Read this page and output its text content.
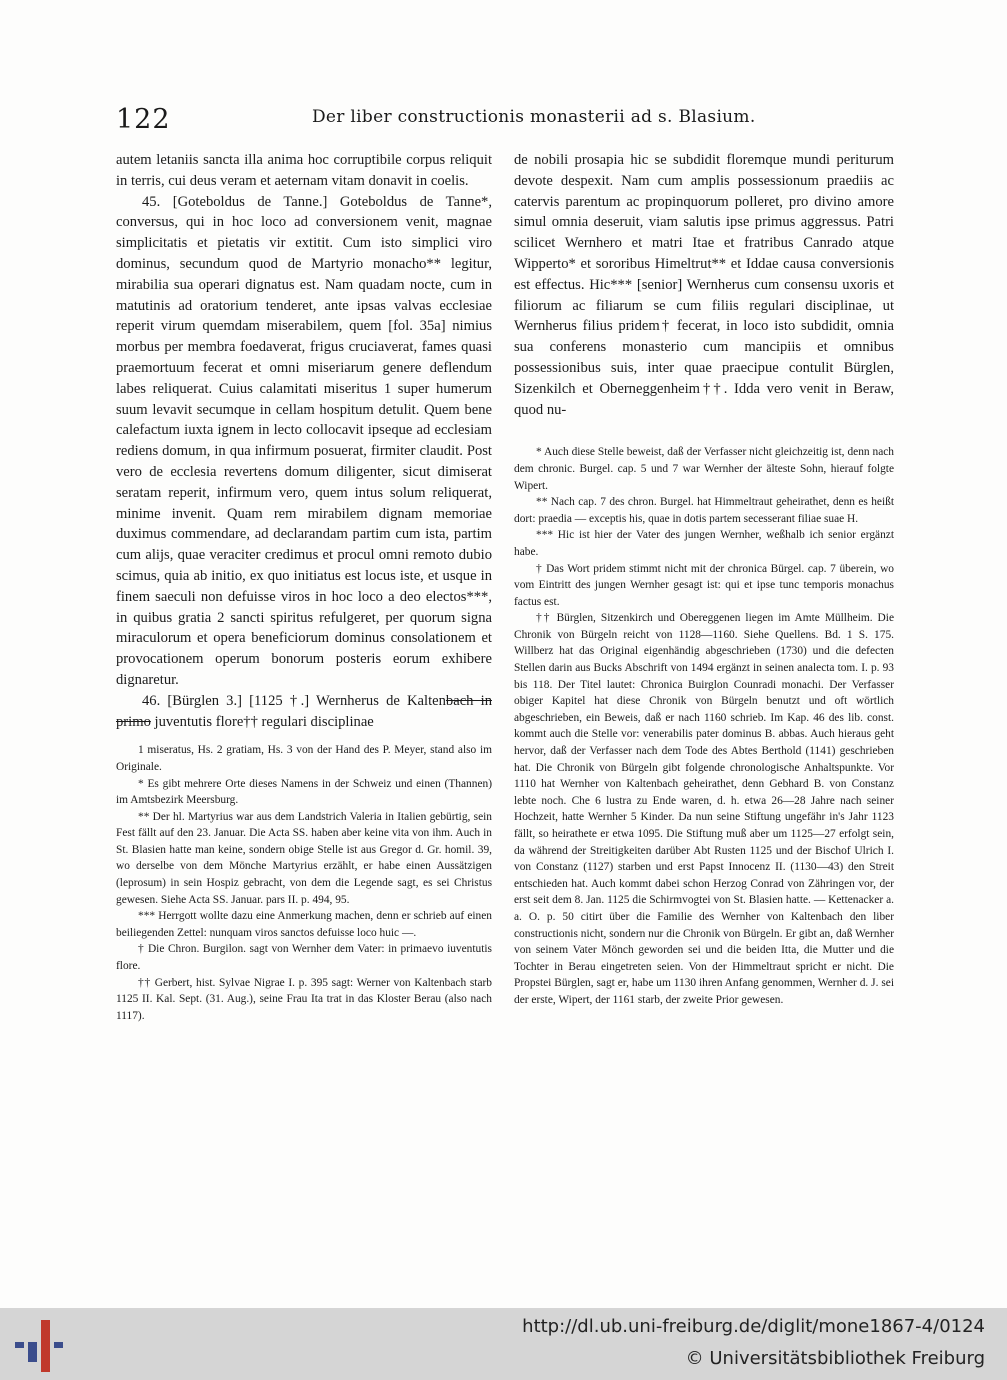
122	Der liber constructionis monasterii ad s. Blasium.

autem letaniis sancta illa anima hoc corruptibile corpus reliquit in terris, cui deus veram et aeternam vitam donavit in coelis.

45. [Goteboldus de Tanne.] Goteboldus de Tanne*, conversus, qui in hoc loco ad conversionem venit, magnae simplicitatis et pietatis vir extitit. Cum isto simplici viro dominus, secundum quod de Martyrio monacho** legitur, mirabilia sua operari dignatus est. Nam quadam nocte, cum in matutinis ad oratorium tenderet, ante ipsas valvas ecclesiae reperit virum quemdam miserabilem, quem [fol. 35a] nimius morbus per membra foedaverat, frigus cruciaverat, fames quasi praemortuum fecerat et omni miseriarum genere deflendum labes reliquerat. Cuius calamitati miseritus 1 super humerum suum levavit secumque in cellam hospitum detulit. Quem bene calefactum iuxta ignem in lecto collocavit ipseque ad ecclesiam rediens domum, in qua infirmum posuerat, firmiter claudit. Post vero de ecclesia revertens domum diligenter, sicut dimiserat seratam reperit, infirmum vero, quem intus solum reliquerat, minime invenit. Quam rem mirabilem dignam memoriae duximus commendare, ad declarandam partim cum ista, partim cum alijs, quae veraciter credimus et procul omni remoto dubio scimus, quia ab initio, ex quo initiatus est locus iste, et usque in finem saeculi non defuisse viros in hoc loco a deo electos***, in quibus gratia 2 sancti spiritus refulgeret, per quorum signa miraculorum et opera beneficiorum dominus consolationem et provocationem operum bonorum posteris eorum exhibere dignaretur.

46. [Bürglen 3.] [1125 †.] Wernherus de Kaltenbach in primo juventutis flore†† regulari disciplinae

1 miseratus, Hs. 2 gratiam, Hs. 3 von der Hand des P. Meyer, stand also im Originale.

* Es gibt mehrere Orte dieses Namens in der Schweiz und einen (Thannen) im Amtsbezirk Meersburg.

** Der hl. Martyrius war aus dem Landstrich Valeria in Italien gebürtig, sein Fest fällt auf den 23. Januar. Die Acta SS. haben aber keine vita von ihm. Auch in St. Blasien hatte man keine, sondern obige Stelle ist aus Gregor d. Gr. homil. 39, wo derselbe von dem Mönche Martyrius erzählt, er habe einen Aussätzigen (leprosum) in sein Hospiz gebracht, von dem die Legende sagt, es sei Christus gewesen. Siehe Acta SS. Januar. pars II. p. 494, 95.

*** Herrgott wollte dazu eine Anmerkung machen, denn er schrieb auf einen beiliegenden Zettel: nunquam viros sanctos defuisse loco huic —.

† Die Chron. Burgilon. sagt von Wernher dem Vater: in primaevo iuventutis flore.

†† Gerbert, hist. Sylvae Nigrae I. p. 395 sagt: Werner von Kaltenbach starb 1125 II. Kal. Sept. (31. Aug.), seine Frau Ita trat in das Kloster Berau (also nach 1117).

de nobili prosapia hic se subdidit floremque mundi periturum devote despexit. Nam cum amplis possessionum praediis ac catervis parentum ac propinquorum polleret, pro divino amore simul omnia deseruit, viam salutis ipse primus aggressus. Patri scilicet Wernhero et matri Itae et fratribus Canrado atque Wipperto* et sororibus Himeltrut** et Iddae causa conversionis est effectus. Hic*** [senior] Wernherus cum consensu uxoris et filiorum ac filiarum se cum filiis regulari disciplinae, ut Wernherus filius pridem† fecerat, in loco isto subdidit, omnia sua conferens monasterio cum mancipiis et omnibus possessionibus suis, inter quae praecipue contulit Bürglen, Sizenkilch et Oberneggenheim††. Idda vero venit in Beraw, quod nu-

* Auch diese Stelle beweist, daß der Verfasser nicht gleichzeitig ist, denn nach dem chronic. Burgel. cap. 5 und 7 war Wernher der älteste Sohn, hierauf folgte Wipert.

** Nach cap. 7 des chron. Burgel. hat Himmeltraut geheirathet, denn es heißt dort: praedia — exceptis his, quae in dotis partem secesserant filiae suae H.

*** Hic ist hier der Vater des jungen Wernher, weßhalb ich senior ergänzt habe.

† Das Wort pridem stimmt nicht mit der chronica Bürgel. cap. 7 überein, wo vom Eintritt des jungen Wernher gesagt ist: qui et ipse tunc temporis monachus factus est.

†† Bürglen, Sitzenkirch und Obereggenen liegen im Amte Müllheim. Die Chronik von Bürgeln reicht von 1128—1160. Siehe Quellens. Bd. 1 S. 175. Willberz hat das Original eigenhändig abgeschrieben (1730) und die defecten Stellen darin aus Bucks Abschrift von 1494 ergänzt in seinen analecta tom. I. p. 93 bis 118. Der Titel lautet: Chronica Buirglon Counradi monachi. Der Verfasser obiger Kapitel hat diese Chronik von Bürgeln benutzt und oft wörtlich abgeschrieben, ein Beweis, daß er nach 1160 schrieb. Im Kap. 46 des lib. const. kommt auch die Stelle vor: venerabilis pater dominus B. abbas. Auch hieraus geht hervor, daß der Verfasser nach dem Tode des Abtes Berthold (1141) geschrieben hat. Die Chronik von Bürgeln gibt folgende chronologische Anhaltspunkte. Vor 1110 hat Wernher von Kaltenbach geheirathet, denn Gebhard B. von Constanz lebte noch. Che 6 lustra zu Ende waren, d. h. etwa 26—28 Jahre nach seiner Hochzeit, hatte Wernher 5 Kinder. Da nun seine Stiftung ungefähr in's Jahr 1123 fällt, so heirathete er etwa 1095. Die Stiftung muß aber um 1125—27 erfolgt sein, da während der Streitigkeiten darüber Abt Rusten 1125 und der Bischof Ulrich I. von Constanz (1127) starben und erst Papst Innocenz II. (1130—43) den Streit entschieden hat. Auch kommt dabei schon Herzog Conrad von Zähringen vor, der erst seit dem 8. Jan. 1125 die Schirmvogtei von St. Blasien hatte. — Kettenacker a. a. O. p. 50 citirt über die Familie des Wernher von Kaltenbach den liber constructionis nicht, sondern nur die Chronik von Bürgeln. Er gibt an, daß Wernher von seinem Vater Mönch geworden sei und die beiden Itta, die Mutter und die Tochter in Berau eingetreten seien. Von der Himmeltraut spricht er nicht. Die Propstei Bürglen, sagt er, habe um 1130 ihren Anfang genommen, Wernher d. J. sei der erste, Wipert, der 1161 starb, der zweite Prior gewesen.

http://dl.ub.uni-freiburg.de/diglit/mone1867-4/0124
© Universitätsbibliothek Freiburg
